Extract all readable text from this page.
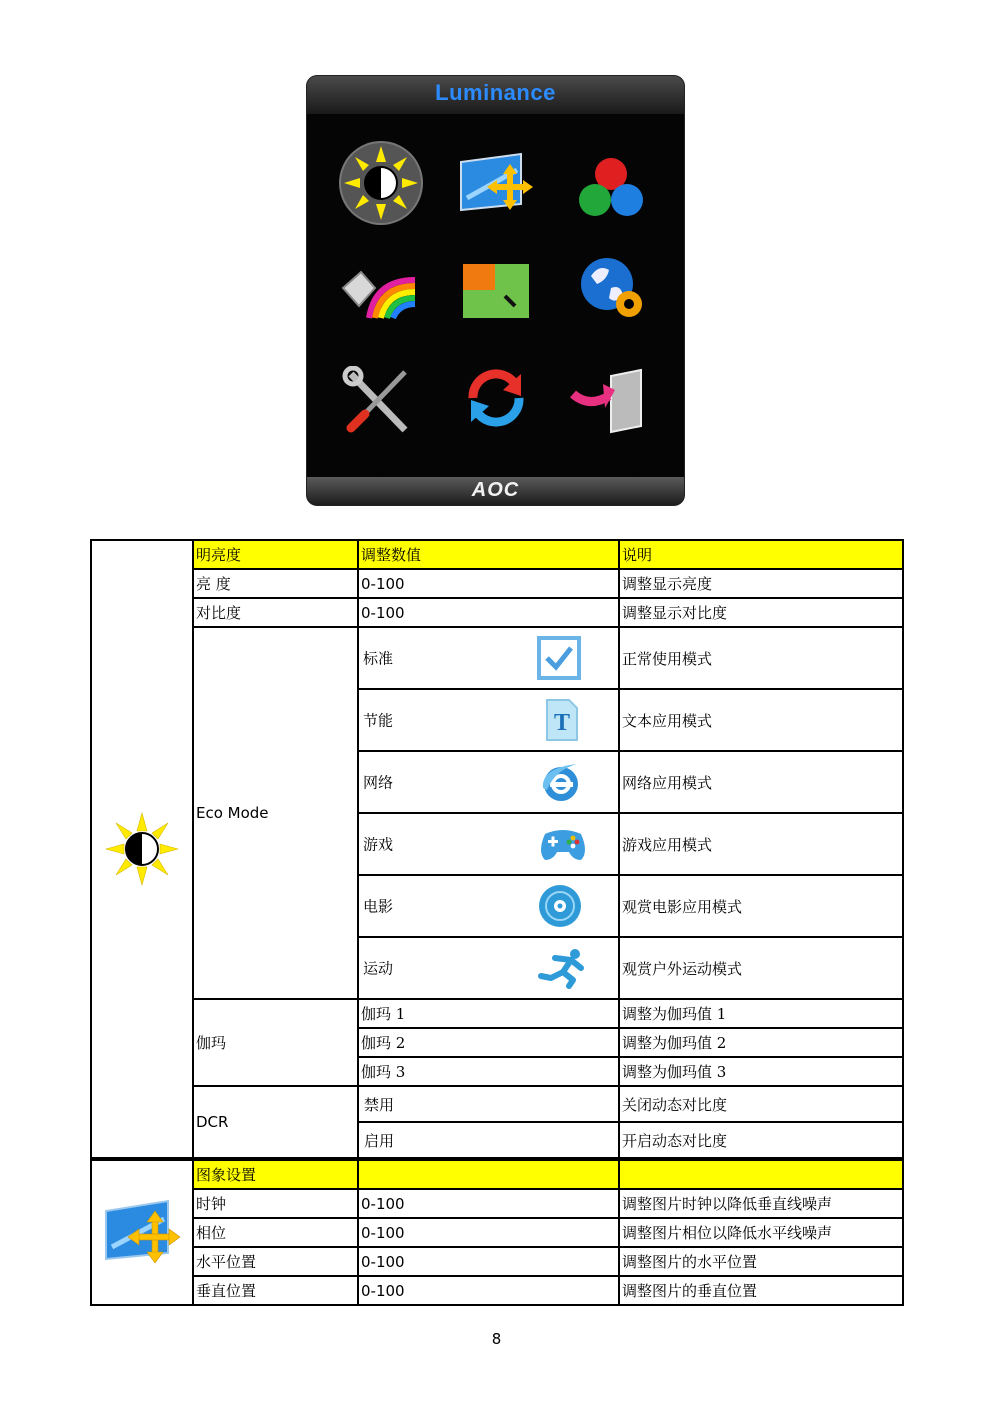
Luminance
AOC
	明亮度	调整数值	说明
	亮 度	0-100	调整显示亮度
	对比度	0-100	调整显示对比度
	Eco Mode	标准	正常使用模式

		节能 T	文本应用模式

		网络	网络应用模式

		游戏	游戏应用模式

		电影	观赏电影应用模式

		运动	观赏户外运动模式
	伽玛	伽玛 1	调整为伽玛值 1
		伽玛 2	调整为伽玛值 2
		伽玛 3	调整为伽玛值 3
	DCR	禁用	关闭动态对比度
		启用	开启动态对比度
	图象设置		
	时钟	0-100	调整图片时钟以降低垂直线噪声
	相位	0-100	调整图片相位以降低水平线噪声
	水平位置	0-100	调整图片的水平位置
	垂直位置	0-100	调整图片的垂直位置
8
